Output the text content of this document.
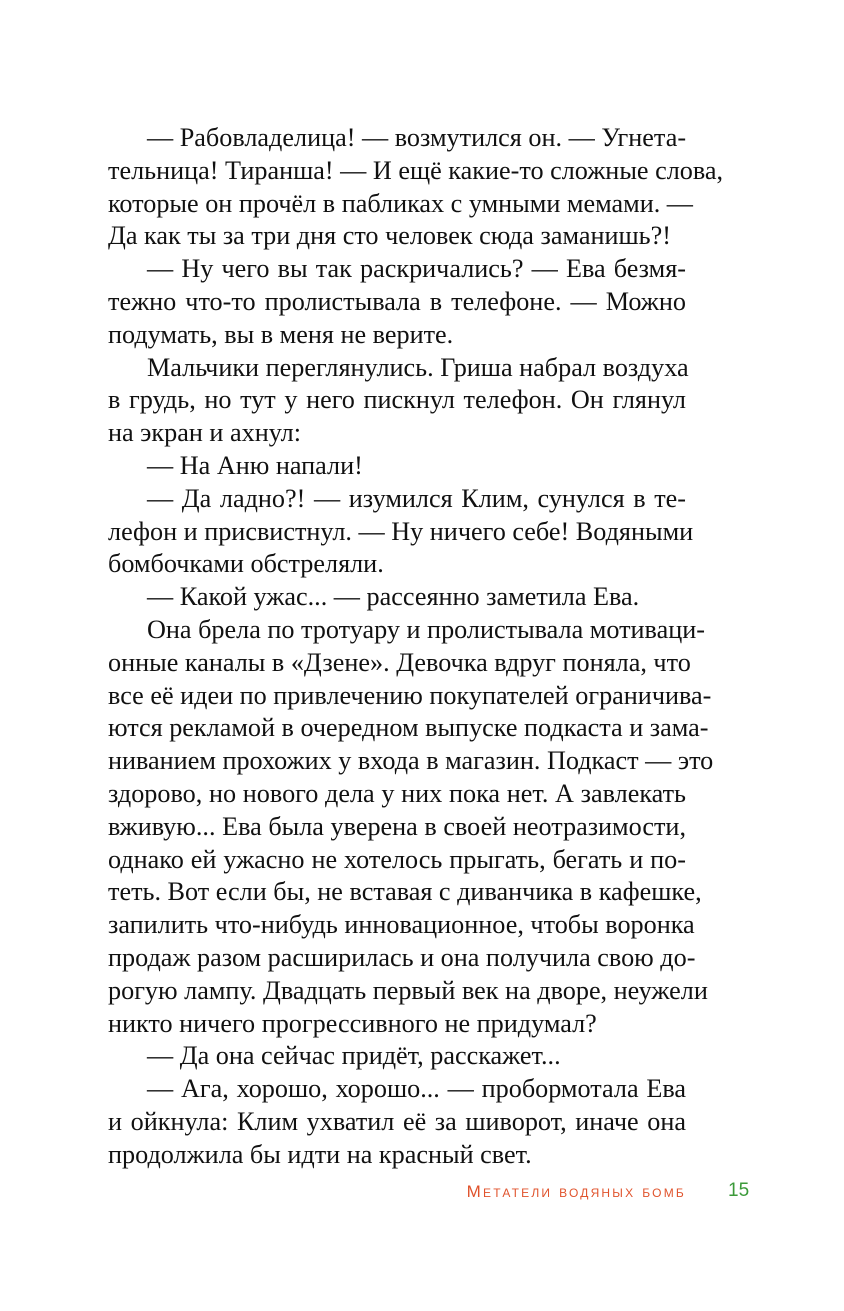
— Рабовладелица! — возмутился он. — Угнета-
тельница! Тиранша! — И ещё какие-то сложные слова,
которые он прочёл в пабликах с умными мемами. —
Да как ты за три дня сто человек сюда заманишь?!
— Ну чего вы так раскричались? — Ева безмя-
тежно что-то пролистывала в телефоне. — Можно
подумать, вы в меня не верите.
Мальчики переглянулись. Гриша набрал воздуха
в грудь, но тут у него пискнул телефон. Он глянул
на экран и ахнул:
— На Аню напали!
— Да ладно?! — изумился Клим, сунулся в те-
лефон и присвистнул. — Ну ничего себе! Водяными
бомбочками обстреляли.
— Какой ужас... — рассеянно заметила Ева.
Она брела по тротуару и пролистывала мотиваци-
онные каналы в «Дзене». Девочка вдруг поняла, что
все её идеи по привлечению покупателей ограничива-
ются рекламой в очередном выпуске подкаста и зама-
ниванием прохожих у входа в магазин. Подкаст — это
здорово, но нового дела у них пока нет. А завлекать
вживую... Ева была уверена в своей неотразимости,
однако ей ужасно не хотелось прыгать, бегать и по-
теть. Вот если бы, не вставая с диванчика в кафешке,
запилить что-нибудь инновационное, чтобы воронка
продаж разом расширилась и она получила свою до-
рогую лампу. Двадцать первый век на дворе, неужели
никто ничего прогрессивного не придумал?
— Да она сейчас придёт, расскажет...
— Ага, хорошо, хорошо... — пробормотала Ева
и ойкнула: Клим ухватил её за шиворот, иначе она
продолжила бы идти на красный свет.
Метатели водяных бомб 15
